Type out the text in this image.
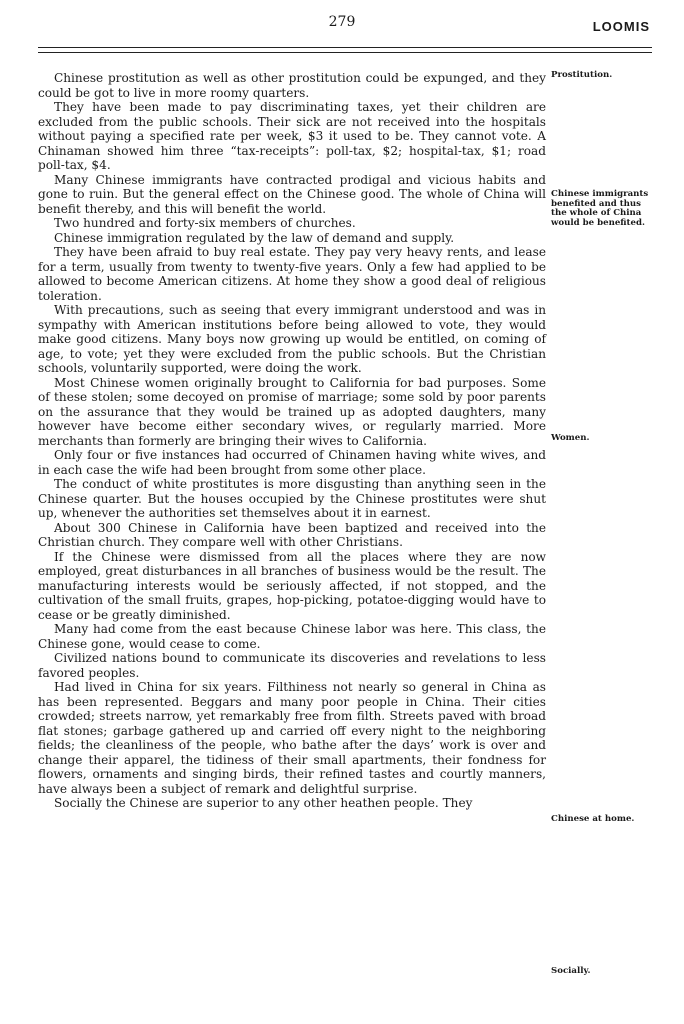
279	LOOMIS

Chinese prostitution as well as other prostitution could be expunged, and they could be got to live in more roomy quarters.

They have been made to pay discriminating taxes, yet their children are excluded from the public schools. Their sick are not received into the hospitals without paying a specified rate per week, $3 it used to be. They cannot vote. A Chinaman showed him three “tax-receipts”: poll-tax, $2; hospital-tax, $1; road poll-tax, $4.

Many Chinese immigrants have contracted prodigal and vicious habits and gone to ruin. But the general effect on the Chinese good. The whole of China will benefit thereby, and this will benefit the world.

Two hundred and forty-six members of churches.

Chinese immigration regulated by the law of demand and supply.

They have been afraid to buy real estate. They pay very heavy rents, and lease for a term, usually from twenty to twenty-five years. Only a few had applied to be allowed to become American citizens. At home they show a good deal of religious toleration.

With precautions, such as seeing that every immigrant understood and was in sympathy with American institutions before being allowed to vote, they would make good citizens. Many boys now growing up would be entitled, on coming of age, to vote; yet they were excluded from the public schools. But the Christian schools, voluntarily supported, were doing the work.

Most Chinese women originally brought to California for bad purposes. Some of these stolen; some decoyed on promise of marriage; some sold by poor parents on the assurance that they would be trained up as adopted daughters, many however have become either secondary wives, or regularly married. More merchants than formerly are bringing their wives to California.

Only four or five instances had occurred of Chinamen having white wives, and in each case the wife had been brought from some other place.

The conduct of white prostitutes is more disgusting than anything seen in the Chinese quarter. But the houses occupied by the Chinese prostitutes were shut up, whenever the authorities set themselves about it in earnest.

About 300 Chinese in California have been baptized and received into the Christian church. They compare well with other Christians.

If the Chinese were dismissed from all the places where they are now employed, great disturbances in all branches of business would be the result. The manufacturing interests would be seriously affected, if not stopped, and the cultivation of the small fruits, grapes, hop-picking, potatoe-digging would have to cease or be greatly diminished.

Many had come from the east because Chinese labor was here. This class, the Chinese gone, would cease to come.

Civilized nations bound to communicate its discoveries and revelations to less favored peoples.

Had lived in China for six years. Filthiness not nearly so general in China as has been represented. Beggars and many poor people in China. Their cities crowded; streets narrow, yet remarkably free from filth. Streets paved with broad flat stones; garbage gathered up and carried off every night to the neighboring fields; the cleanliness of the people, who bathe after the days’ work is over and change their apparel, the tidiness of their small apartments, their fondness for flowers, ornaments and singing birds, their refined tastes and courtly manners, have always been a subject of remark and delightful surprise.

Socially the Chinese are superior to any other heathen people. They

Prostitution.
Chinese immigrants benefited and thus the whole of China would be benefited.
Women.
Chinese at home.
Socially.
